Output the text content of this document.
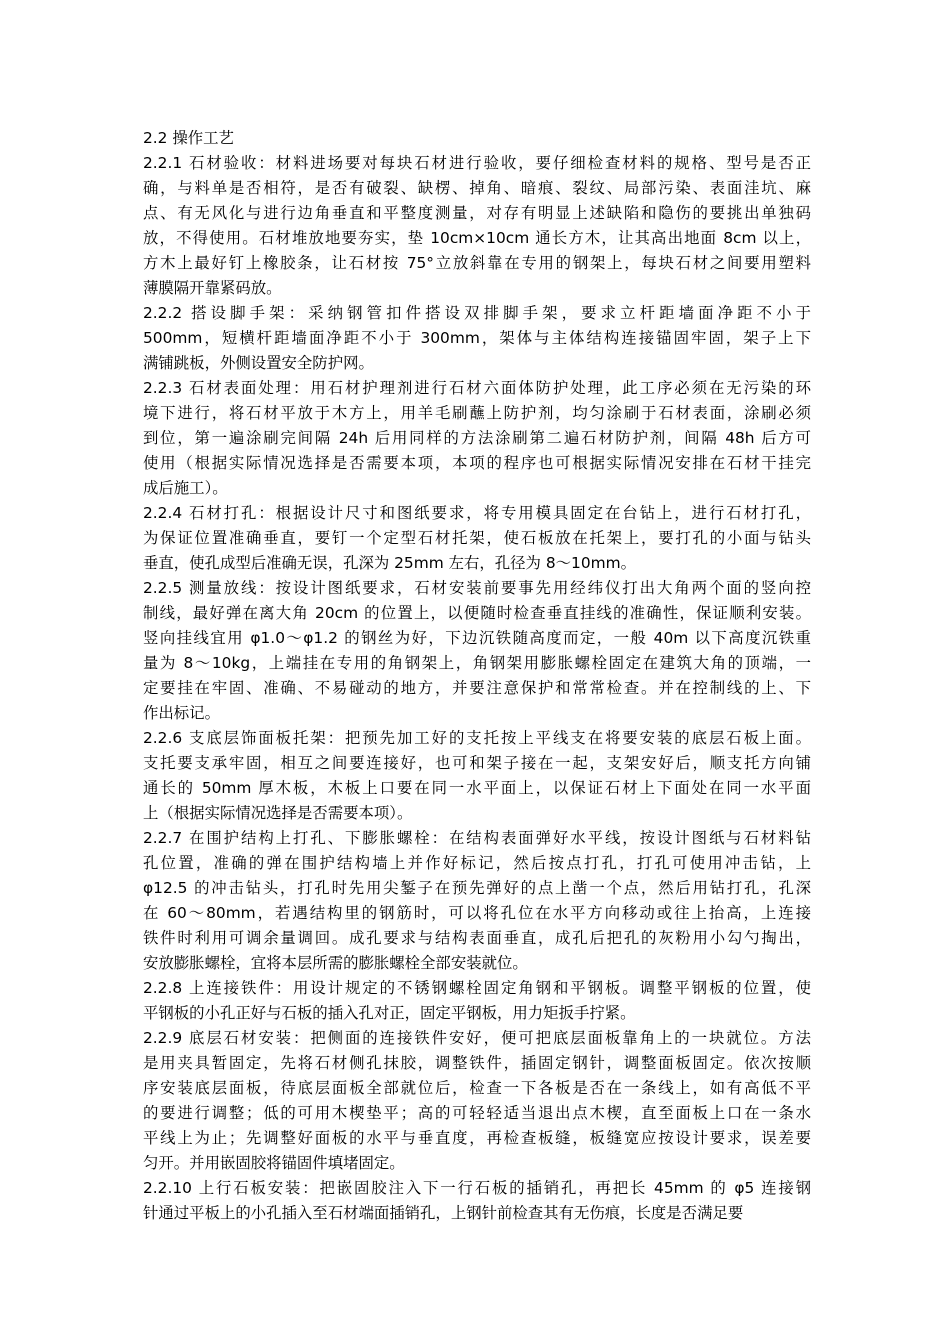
2.2 操作工艺

2.2.1 石材验收：材料进场要对每块石材进行验收，要仔细检查材料的规格、型号是否正
确，与料单是否相符，是否有破裂、缺楞、掉角、暗痕、裂纹、局部污染、表面洼坑、麻
点、有无风化与进行边角垂直和平整度测量，对存有明显上述缺陷和隐伤的要挑出单独码
放，不得使用。石材堆放地要夯实，垫 10cm×10cm 通长方木，让其高出地面 8cm 以上，
方木上最好钉上橡胶条，让石材按 75°立放斜靠在专用的钢架上，每块石材之间要用塑料
薄膜隔开靠紧码放。

2.2.2 搭设脚手架：采纳钢管扣件搭设双排脚手架，要求立杆距墙面净距不小于
500mm，短横杆距墙面净距不小于 300mm，架体与主体结构连接锚固牢固，架子上下
满铺跳板，外侧设置安全防护网。

2.2.3 石材表面处理：用石材护理剂进行石材六面体防护处理，此工序必须在无污染的环
境下进行，将石材平放于木方上，用羊毛刷蘸上防护剂，均匀涂刷于石材表面，涂刷必须
到位，第一遍涂刷完间隔 24h 后用同样的方法涂刷第二遍石材防护剂，间隔 48h 后方可
使用（根据实际情况选择是否需要本项，本项的程序也可根据实际情况安排在石材干挂完
成后施工）。

2.2.4 石材打孔：根据设计尺寸和图纸要求，将专用模具固定在台钻上，进行石材打孔，
为保证位置准确垂直，要钉一个定型石材托架，使石板放在托架上，要打孔的小面与钻头
垂直，使孔成型后准确无误，孔深为 25mm 左右，孔径为 8～10mm。

2.2.5 测量放线：按设计图纸要求，石材安装前要事先用经纬仪打出大角两个面的竖向控
制线，最好弹在离大角 20cm 的位置上，以便随时检查垂直挂线的准确性，保证顺利安装。
竖向挂线宜用 φ1.0～φ1.2 的钢丝为好，下边沉铁随高度而定，一般 40m 以下高度沉铁重
量为 8～10kg，上端挂在专用的角钢架上，角钢架用膨胀螺栓固定在建筑大角的顶端，一
定要挂在牢固、准确、不易碰动的地方，并要注意保护和常常检查。并在控制线的上、下
作出标记。

2.2.6 支底层饰面板托架：把预先加工好的支托按上平线支在将要安装的底层石板上面。
支托要支承牢固，相互之间要连接好，也可和架子接在一起，支架安好后，顺支托方向铺
通长的 50mm 厚木板，木板上口要在同一水平面上，以保证石材上下面处在同一水平面
上（根据实际情况选择是否需要本项）。

2.2.7 在围护结构上打孔、下膨胀螺栓：在结构表面弹好水平线，按设计图纸与石材料钻
孔位置，准确的弹在围护结构墙上并作好标记，然后按点打孔，打孔可使用冲击钻，上
φ12.5 的冲击钻头，打孔时先用尖錾子在预先弹好的点上凿一个点，然后用钻打孔，孔深
在 60～80mm，若遇结构里的钢筋时，可以将孔位在水平方向移动或往上抬高，上连接
铁件时利用可调余量调回。成孔要求与结构表面垂直，成孔后把孔的灰粉用小勾勺掏出，
安放膨胀螺栓，宜将本层所需的膨胀螺栓全部安装就位。

2.2.8 上连接铁件：用设计规定的不锈钢螺栓固定角钢和平钢板。调整平钢板的位置，使
平钢板的小孔正好与石板的插入孔对正，固定平钢板，用力矩扳手拧紧。

2.2.9 底层石材安装：把侧面的连接铁件安好，便可把底层面板靠角上的一块就位。方法
是用夹具暂固定，先将石材侧孔抹胶，调整铁件，插固定钢针，调整面板固定。依次按顺
序安装底层面板，待底层面板全部就位后，检查一下各板是否在一条线上，如有高低不平
的要进行调整；低的可用木楔垫平；高的可轻轻适当退出点木楔，直至面板上口在一条水
平线上为止；先调整好面板的水平与垂直度，再检查板缝，板缝宽应按设计要求，误差要
匀开。并用嵌固胶将锚固件填堵固定。

2.2.10 上行石板安装：把嵌固胶注入下一行石板的插销孔，再把长 45mm 的 φ5 连接钢
针通过平板上的小孔插入至石材端面插销孔，上钢针前检查其有无伤痕，长度是否满足要
